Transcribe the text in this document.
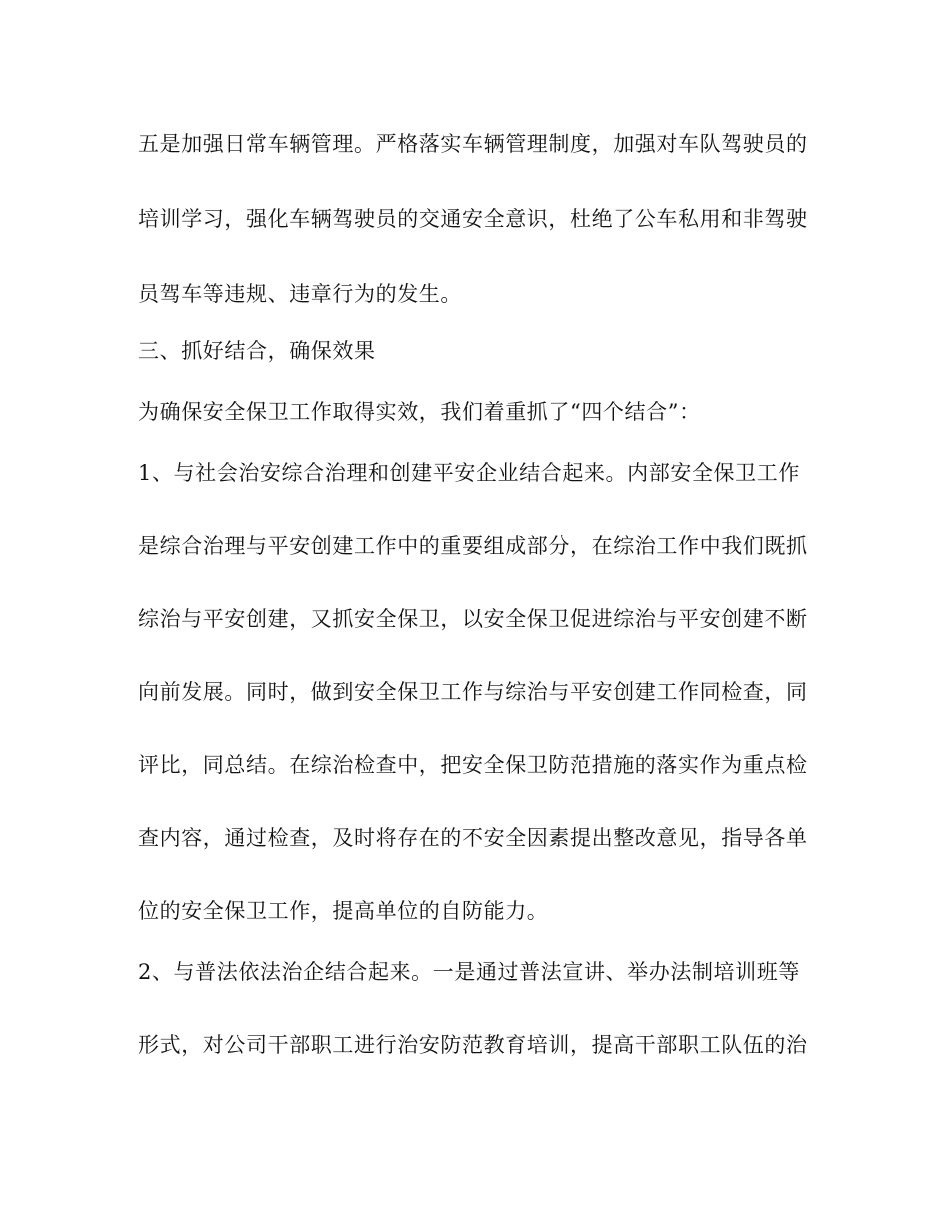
五是加强日常车辆管理。严格落实车辆管理制度，加强对车队驾驶员的

培训学习，强化车辆驾驶员的交通安全意识，杜绝了公车私用和非驾驶

员驾车等违规、违章行为的发生。

三、抓好结合，确保效果

为确保安全保卫工作取得实效，我们着重抓了“四个结合”：

1、与社会治安综合治理和创建平安企业结合起来。内部安全保卫工作

是综合治理与平安创建工作中的重要组成部分，在综治工作中我们既抓

综治与平安创建，又抓安全保卫，以安全保卫促进综治与平安创建不断

向前发展。同时，做到安全保卫工作与综治与平安创建工作同检查，同

评比，同总结。在综治检查中，把安全保卫防范措施的落实作为重点检

查内容，通过检查，及时将存在的不安全因素提出整改意见，指导各单

位的安全保卫工作，提高单位的自防能力。

2、与普法依法治企结合起来。一是通过普法宣讲、举办法制培训班等

形式，对公司干部职工进行治安防范教育培训，提高干部职工队伍的治
